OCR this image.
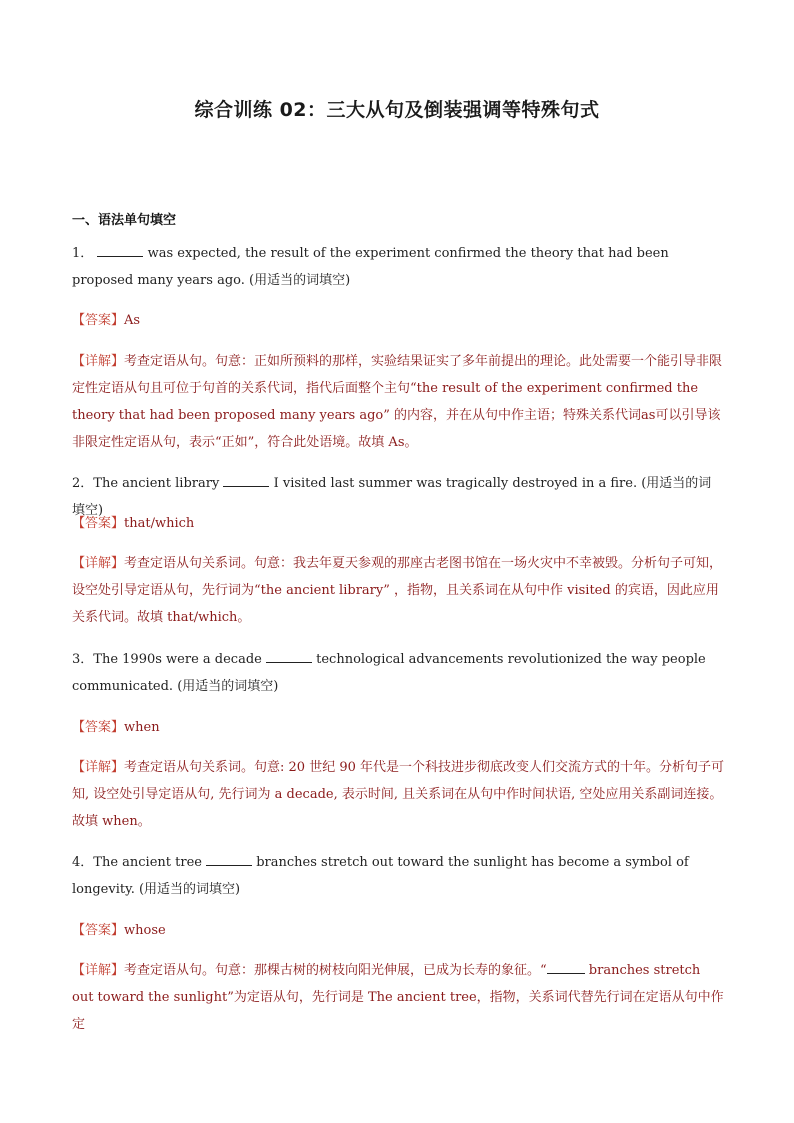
综合训练 02：三大从句及倒装强调等特殊句式
一、语法单句填空
1．	was expected, the result of the experiment confirmed the theory that had been proposed many years ago. (用适当的词填空)
【答案】As
【详解】考查定语从句。句意：正如所预料的那样，实验结果证实了多年前提出的理论。此处需要一个能引导非限定性定语从句且可位于句首的关系代词，指代后面整个主句“the result of the experiment confirmed the theory that had been proposed many years ago” 的内容，并在从句中作主语；特殊关系代词as可以引导该非限定性定语从句，表示“正如”，符合此处语境。故填 As。
2．The ancient library	I visited last summer was tragically destroyed in a fire. (用适当的词填空)
【答案】that/which
【详解】考查定语从句关系词。句意：我去年夏天参观的那座古老图书馆在一场火灾中不幸被毁。分析句子可知，设空处引导定语从句，先行词为“the ancient library” ，指物，且关系词在从句中作 visited 的宾语，因此应用关系代词。故填 that/which。
3．The 1990s were a decade	technological advancements revolutionized the way people communicated. (用适当的词填空)
【答案】when
【详解】考查定语从句关系词。句意: 20 世纪 90 年代是一个科技进步彻底改变人们交流方式的十年。分析句子可知, 设空处引导定语从句, 先行词为 a decade, 表示时间, 且关系词在从句中作时间状语, 空处应用关系副词连接。故填 when。
4．The ancient tree	branches stretch out toward the sunlight has become a symbol of longevity. (用适当的词填空)
【答案】whose
【详解】考查定语从句。句意：那棵古树的树枝向阳光伸展，已成为长寿的象征。“	branches stretch out toward the sunlight”为定语从句，先行词是 The ancient tree，指物，关系词代替先行词在定语从句中作定
